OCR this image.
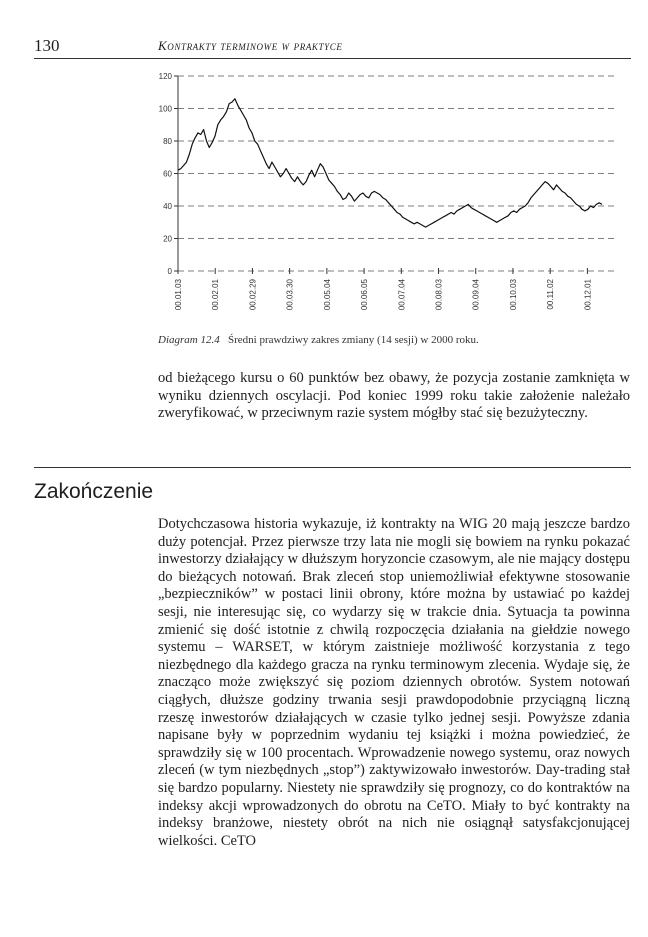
130	Kontrakty terminowe w praktyce
0
20
40
60
80
100
120
00.01.03	00.02.01	00.02.29	00.03.30	00.05.04	00.06.05	00.07.04	00.08.03	00.09.04	00.10.03	00.11.02	00.12.01
Diagram 12.4 Średni prawdziwy zakres zmiany (14 sesji) w 2000 roku.
od bieżącego kursu o 60 punktów bez obawy, że pozycja zostanie zamknięta w wyniku dziennych oscylacji. Pod koniec 1999 roku takie założenie należało zweryfikować, w przeciwnym razie system mógłby stać się bezużyteczny.
Zakończenie
Dotychczasowa historia wykazuje, iż kontrakty na WIG 20 mają jeszcze bardzo duży potencjał. Przez pierwsze trzy lata nie mogli się bowiem na rynku pokazać inwestorzy działający w dłuższym horyzoncie czasowym, ale nie mający dostępu do bieżących notowań. Brak zleceń stop uniemożliwiał efektywne stosowanie „bezpieczników” w postaci linii obrony, które można by ustawiać po każdej sesji, nie interesując się, co wydarzy się w trakcie dnia. Sytuacja ta powinna zmienić się dość istotnie z chwilą rozpoczęcia działania na giełdzie nowego systemu – WARSET, w którym zaistnieje możliwość korzystania z tego niezbędnego dla każdego gracza na rynku terminowym zlecenia. Wydaje się, że znacząco może zwiększyć się poziom dziennych obrotów. System notowań ciągłych, dłuższe godziny trwania sesji prawdopodobnie przyciągną liczną rzeszę inwestorów działających w czasie tylko jednej sesji. Powyższe zdania napisane były w poprzednim wydaniu tej książki i można powiedzieć, że sprawdziły się w 100 procentach. Wprowadzenie nowego systemu, oraz nowych zleceń (w tym niezbędnych „stop”) zaktywizowało inwestorów. Day-trading stał się bardzo popularny. Niestety nie sprawdziły się prognozy, co do kontraktów na indeksy akcji wprowadzonych do obrotu na CeTO. Miały to być kontrakty na indeksy branżowe, niestety obrót na nich nie osiągnął satysfakcjonującej wielkości. CeTO
